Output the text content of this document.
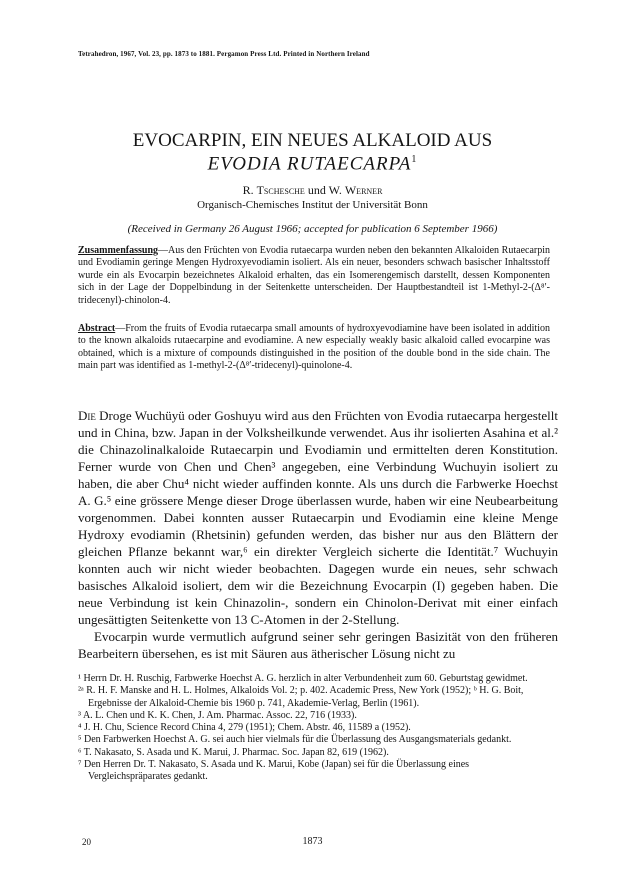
Tetrahedron, 1967, Vol. 23, pp. 1873 to 1881. Pergamon Press Ltd. Printed in Northern Ireland
EVOCARPIN, EIN NEUES ALKALOID AUS
EVODIA RUTAECARPA$^1$
R. Tschesche und W. Werner
Organisch-Chemisches Institut der Universität Bonn
(Received in Germany 26 August 1966; accepted for publication 6 September 1966)
Zusammenfassung—Aus den Früchten von Evodia rutaecarpa wurden neben den bekannten Alkaloiden Rutaecarpin und Evodiamin geringe Mengen Hydroxyevodiamin isoliert. Als ein neuer, besonders schwach basischer Inhaltsstoff wurde ein als Evocarpin bezeichnetes Alkaloid erhalten, das ein Isomerengemisch darstellt, dessen Komponenten sich in der Lage der Doppelbindung in der Seitenkette unterscheiden. Der Hauptbestandteil ist 1-Methyl-2-(Δ⁸′-tridecenyl)-chinolon-4.
Abstract—From the fruits of Evodia rutaecarpa small amounts of hydroxyevodiamine have been isolated in addition to the known alkaloids rutaecarpine and evodiamine. A new especially weakly basic alkaloid called evocarpine was obtained, which is a mixture of compounds distinguished in the position of the double bond in the side chain. The main part was identified as 1-methyl-2-(Δ⁸′-tridecenyl)-quinolone-4.

Die Droge Wuchüyü oder Goshuyu wird aus den Früchten von Evodia rutaecarpa hergestellt und in China, bzw. Japan in der Volksheilkunde verwendet. Aus ihr isolierten Asahina et al.² die Chinazolinalkaloide Rutaecarpin und Evodiamin und ermittelten deren Konstitution. Ferner wurde von Chen und Chen³ angegeben, eine Verbindung Wuchuyin isoliert zu haben, die aber Chu⁴ nicht wieder auffinden konnte. Als uns durch die Farbwerke Hoechst A. G.⁵ eine grössere Menge dieser Droge überlassen wurde, haben wir eine Neubearbeitung vorgenommen. Dabei konnten ausser Rutaecarpin und Evodiamin eine kleine Menge Hydroxy evodiamin (Rhetsinin) gefunden werden, das bisher nur aus den Blättern der gleichen Pflanze bekannt war,⁶ ein direkter Vergleich sicherte die Identität.⁷ Wuchuyin konnten auch wir nicht wieder beobachten. Dagegen wurde ein neues, sehr schwach basisches Alkaloid isoliert, dem wir die Bezeichnung Evocarpin (I) gegeben haben. Die neue Verbindung ist kein Chinazolin-, sondern ein Chinolon-Derivat mit einer einfach ungesättigten Seitenkette von 13 C-Atomen in der 2-Stellung.

Evocarpin wurde vermutlich aufgrund seiner sehr geringen Basizität von den früheren Bearbeitern übersehen, es ist mit Säuren aus ätherischer Lösung nicht zu

¹ Herrn Dr. H. Ruschig, Farbwerke Hoechst A. G. herzlich in alter Verbundenheit zum 60. Geburtstag gewidmet.
²ᵃ R. H. F. Manske and H. L. Holmes, Alkaloids Vol. 2; p. 402. Academic Press, New York (1952); ᵇ H. G. Boit, Ergebnisse der Alkaloid-Chemie bis 1960 p. 741, Akademie-Verlag, Berlin (1961).
³ A. L. Chen und K. K. Chen, J. Am. Pharmac. Assoc. 22, 716 (1933).
⁴ J. H. Chu, Science Record China 4, 279 (1951); Chem. Abstr. 46, 11589 a (1952).
⁵ Den Farbwerken Hoechst A. G. sei auch hier vielmals für die Überlassung des Ausgangsmaterials gedankt.
⁶ T. Nakasato, S. Asada und K. Marui, J. Pharmac. Soc. Japan 82, 619 (1962).
⁷ Den Herren Dr. T. Nakasato, S. Asada und K. Marui, Kobe (Japan) sei für die Überlassung eines Vergleichspräparates gedankt.
20	1873
